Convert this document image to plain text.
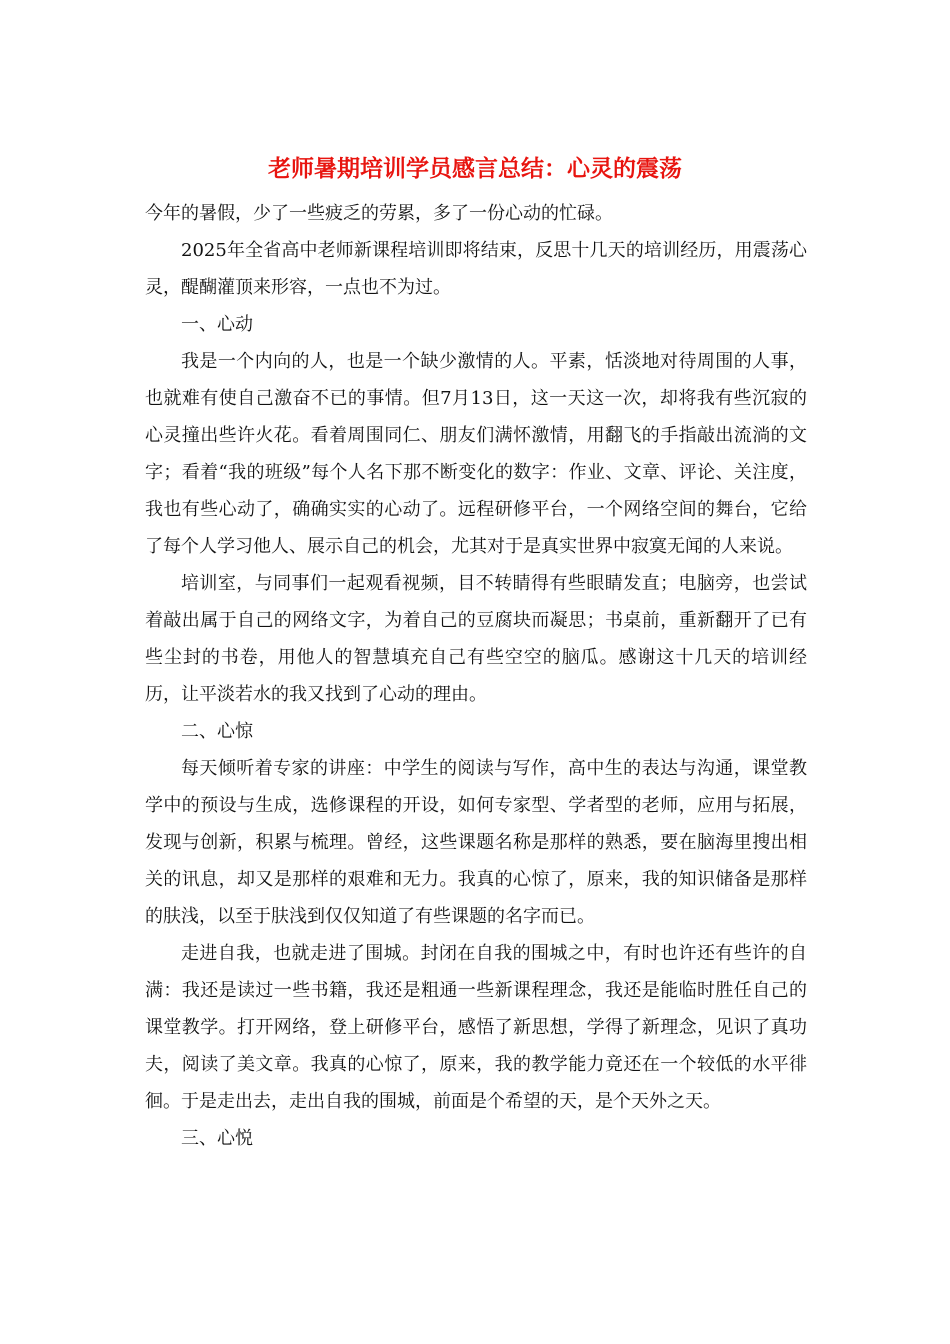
老师暑期培训学员感言总结：心灵的震荡

今年的暑假，少了一些疲乏的劳累，多了一份心动的忙碌。

2025年全省高中老师新课程培训即将结束，反思十几天的培训经历，用震荡心灵，醍醐灌顶来形容，一点也不为过。

一、心动

我是一个内向的人，也是一个缺少激情的人。平素，恬淡地对待周围的人事，也就难有使自己激奋不已的事情。但7月13日，这一天这一次，却将我有些沉寂的心灵撞出些许火花。看着周围同仁、朋友们满怀激情，用翻飞的手指敲出流淌的文字；看着“我的班级”每个人名下那不断变化的数字：作业、文章、评论、关注度，我也有些心动了，确确实实的心动了。远程研修平台，一个网络空间的舞台，它给了每个人学习他人、展示自己的机会，尤其对于是真实世界中寂寞无闻的人来说。

培训室，与同事们一起观看视频，目不转睛得有些眼睛发直；电脑旁，也尝试着敲出属于自己的网络文字，为着自己的豆腐块而凝思；书桌前，重新翻开了已有些尘封的书卷，用他人的智慧填充自己有些空空的脑瓜。感谢这十几天的培训经历，让平淡若水的我又找到了心动的理由。

二、心惊

每天倾听着专家的讲座：中学生的阅读与写作，高中生的表达与沟通，课堂教学中的预设与生成，选修课程的开设，如何专家型、学者型的老师，应用与拓展，发现与创新，积累与梳理。曾经，这些课题名称是那样的熟悉，要在脑海里搜出相关的讯息，却又是那样的艰难和无力。我真的心惊了，原来，我的知识储备是那样的肤浅，以至于肤浅到仅仅知道了有些课题的名字而已。

走进自我，也就走进了围城。封闭在自我的围城之中，有时也许还有些许的自满：我还是读过一些书籍，我还是粗通一些新课程理念，我还是能临时胜任自己的课堂教学。打开网络，登上研修平台，感悟了新思想，学得了新理念，见识了真功夫，阅读了美文章。我真的心惊了，原来，我的教学能力竟还在一个较低的水平徘徊。于是走出去，走出自我的围城，前面是个希望的天，是个天外之天。

三、心悦
